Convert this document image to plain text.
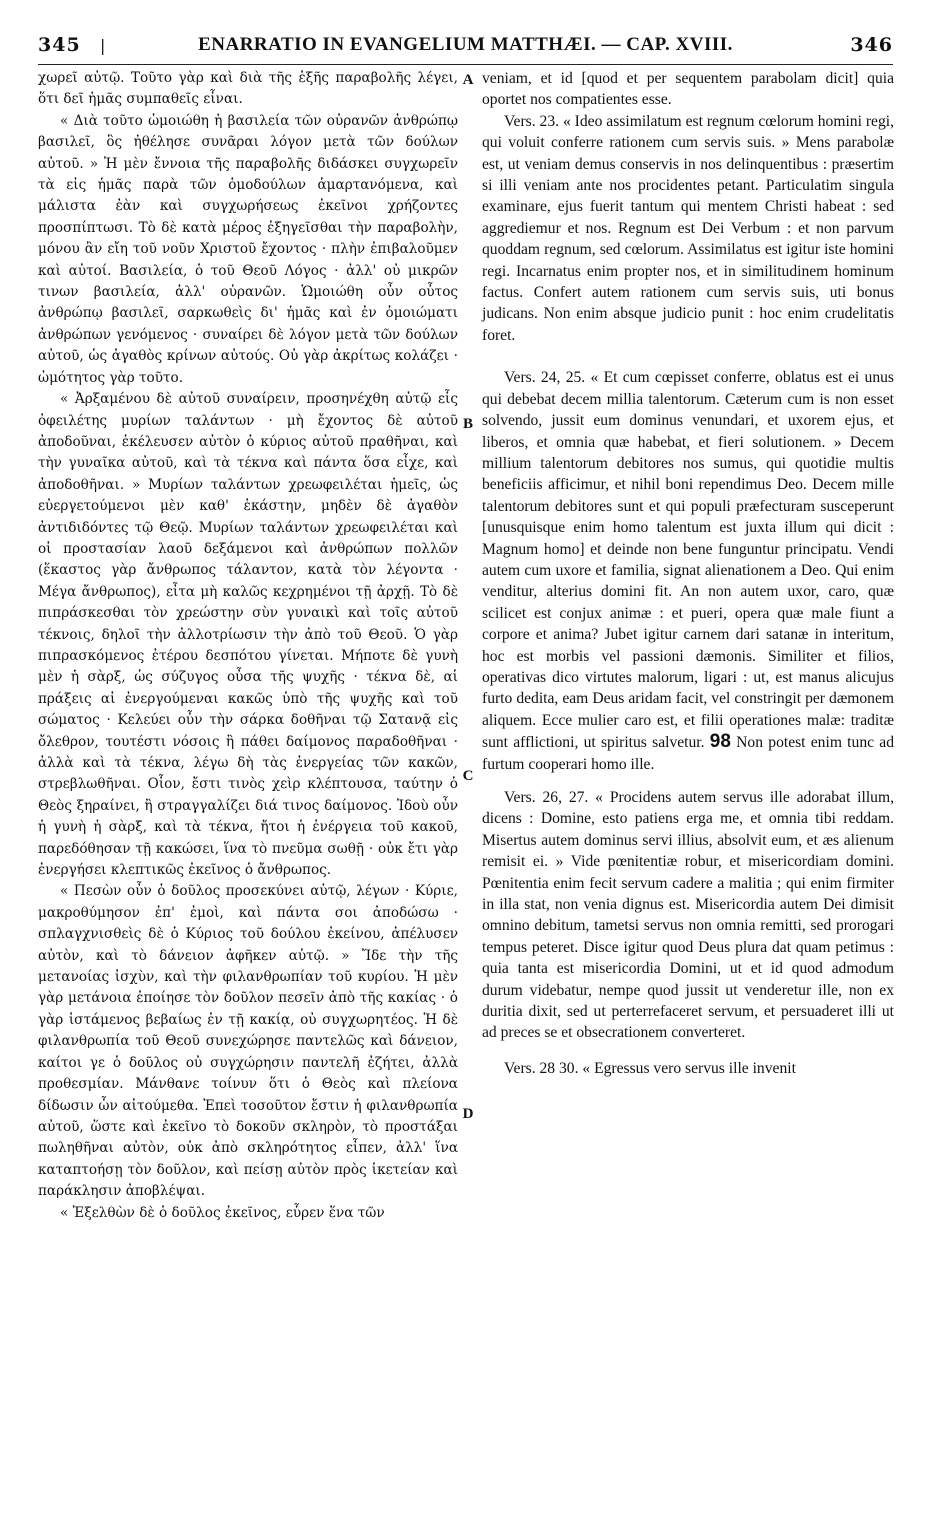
345 |	ENARRATIO IN EVANGELIUM MATTHÆI. — CAP. XVIII.	346
A
B
C
D

χωρεῖ αὐτῷ. Τοῦτο γὰρ καὶ διὰ τῆς ἑξῆς παραβολῆς λέγει, ὅτι δεῖ ἡμᾶς συμπαθεῖς εἶναι.

« Διὰ τοῦτο ὡμοιώθη ἡ βασιλεία τῶν οὐρανῶν ἀνθρώπῳ βασιλεῖ, ὃς ἠθέλησε συνᾶραι λόγον μετὰ τῶν δούλων αὐτοῦ. » Ἡ μὲν ἔννοια τῆς παραβολῆς διδάσκει συγχωρεῖν τὰ εἰς ἡμᾶς παρὰ τῶν ὁμοδούλων ἁμαρτανόμενα, καὶ μάλιστα ἐὰν καὶ συγχωρήσεως ἐκεῖνοι χρήζοντες προσπίπτωσι. Τὸ δὲ κατὰ μέρος ἐξηγεῖσθαι τὴν παραβολὴν, μόνου ἂν εἴη τοῦ νοῦν Χριστοῦ ἔχοντος · πλὴν ἐπιβαλοῦμεν καὶ αὐτοί. Βασιλεία, ὁ τοῦ Θεοῦ Λόγος · ἀλλ' οὐ μικρῶν τινων βασιλεία, ἀλλ' οὐρανῶν. Ὡμοιώθη οὖν οὗτος ἀνθρώπῳ βασιλεῖ, σαρκωθεὶς δι' ἡμᾶς καὶ ἐν ὁμοιώματι ἀνθρώπων γενόμενος · συναίρει δὲ λόγον μετὰ τῶν δούλων αὐτοῦ, ὡς ἀγαθὸς κρίνων αὐτούς. Οὐ γὰρ ἀκρίτως κολάζει · ὠμότητος γὰρ τοῦτο.

« Ἀρξαμένου δὲ αὐτοῦ συναίρειν, προσηνέχθη αὐτῷ εἷς ὀφειλέτης μυρίων ταλάντων · μὴ ἔχοντος δὲ αὐτοῦ ἀποδοῦναι, ἐκέλευσεν αὐτὸν ὁ κύριος αὐτοῦ πραθῆναι, καὶ τὴν γυναῖκα αὐτοῦ, καὶ τὰ τέκνα καὶ πάντα ὅσα εἶχε, καὶ ἀποδοθῆναι. » Μυρίων ταλάντων χρεωφειλέται ἡμεῖς, ὡς εὐεργετούμενοι μὲν καθ' ἑκάστην, μηδὲν δὲ ἀγαθὸν ἀντιδιδόντες τῷ Θεῷ. Μυρίων ταλάντων χρεωφειλέται καὶ οἱ προστασίαν λαοῦ δεξάμενοι καὶ ἀνθρώπων πολλῶν (ἕκαστος γὰρ ἄνθρωπος τάλαντον, κατὰ τὸν λέγοντα · Μέγα ἄνθρωπος), εἶτα μὴ καλῶς κεχρημένοι τῇ ἀρχῇ. Τὸ δὲ πιπράσκεσθαι τὸν χρεώστην σὺν γυναικὶ καὶ τοῖς αὐτοῦ τέκνοις, δηλοῖ τὴν ἀλλοτρίωσιν τὴν ἀπὸ τοῦ Θεοῦ. Ὁ γὰρ πιπρασκόμενος ἑτέρου δεσπότου γίνεται. Μήποτε δὲ γυνὴ μὲν ἡ σὰρξ, ὡς σύζυγος οὖσα τῆς ψυχῆς · τέκνα δὲ, αἱ πράξεις αἱ ἐνεργούμεναι κακῶς ὑπὸ τῆς ψυχῆς καὶ τοῦ σώματος · Κελεύει οὖν τὴν σάρκα δοθῆναι τῷ Σατανᾷ εἰς ὄλεθρον, τουτέστι νόσοις ἢ πάθει δαίμονος παραδοθῆναι · ἀλλὰ καὶ τὰ τέκνα, λέγω δὴ τὰς ἐνεργείας τῶν κακῶν, στρεβλωθῆναι. Οἷον, ἔστι τινὸς χεὶρ κλέπτουσα, ταύτην ὁ Θεὸς ξηραίνει, ἢ στραγγαλίζει διά τινος δαίμονος. Ἰδοὺ οὖν ἡ γυνὴ ἡ σὰρξ, καὶ τὰ τέκνα, ἤτοι ἡ ἐνέργεια τοῦ κακοῦ, παρεδόθησαν τῇ κακώσει, ἵνα τὸ πνεῦμα σωθῇ · οὐκ ἔτι γὰρ ἐνεργήσει κλεπτικῶς ἐκεῖνος ὁ ἄνθρωπος.

« Πεσὼν οὖν ὁ δοῦλος προσεκύνει αὐτῷ, λέγων · Κύριε, μακροθύμησον ἐπ' ἐμοὶ, καὶ πάντα σοι ἀποδώσω · σπλαγχνισθεὶς δὲ ὁ Κύριος τοῦ δούλου ἐκείνου, ἀπέλυσεν αὐτὸν, καὶ τὸ δάνειον ἀφῆκεν αὐτῷ. » Ἴδε τὴν τῆς μετανοίας ἰσχὺν, καὶ τὴν φιλανθρωπίαν τοῦ κυρίου. Ἡ μὲν γὰρ μετάνοια ἐποίησε τὸν δοῦλον πεσεῖν ἀπὸ τῆς κακίας · ὁ γὰρ ἱστάμενος βεβαίως ἐν τῇ κακίᾳ, οὐ συγχωρητέος. Ἡ δὲ φιλανθρωπία τοῦ Θεοῦ συνεχώρησε παντελῶς καὶ δάνειον, καίτοι γε ὁ δοῦλος οὐ συγχώρησιν παντελῆ ἐζήτει, ἀλλὰ προθεσμίαν. Μάνθανε τοίνυν ὅτι ὁ Θεὸς καὶ πλείονα δίδωσιν ὧν αἰτούμεθα. Ἐπεὶ τοσοῦτον ἔστιν ἡ φιλανθρωπία αὐτοῦ, ὥστε καὶ ἐκεῖνο τὸ δοκοῦν σκληρὸν, τὸ προστάξαι πωληθῆναι αὐτὸν, οὐκ ἀπὸ σκληρότητος εἶπεν, ἀλλ' ἵνα καταπτοήσῃ τὸν δοῦλον, καὶ πείσῃ αὐτὸν πρὸς ἱκετείαν καὶ παράκλησιν ἀποβλέψαι.

« Ἐξελθὼν δὲ ὁ δοῦλος ἐκεῖνος, εὗρεν ἕνα τῶν

veniam, et id [quod et per sequentem parabolam dicit] quia oportet nos compatientes esse.

Vers. 23. « Ideo assimilatum est regnum cœlorum homini regi, qui voluit conferre rationem cum servis suis. » Mens parabolæ est, ut veniam demus conservis in nos delinquentibus : præsertim si illi veniam ante nos procidentes petant. Particulatim singula examinare, ejus fuerit tantum qui mentem Christi habeat : sed aggrediemur et nos. Regnum est Dei Verbum : et non parvum quoddam regnum, sed cœlorum. Assimilatus est igitur iste homini regi. Incarnatus enim propter nos, et in similitudinem hominum factus. Confert autem rationem cum servis suis, uti bonus judicans. Non enim absque judicio punit : hoc enim crudelitatis foret.

Vers. 24, 25. « Et cum cœpisset conferre, oblatus est ei unus qui debebat decem millia talentorum. Cæterum cum is non esset solvendo, jussit eum dominus venundari, et uxorem ejus, et liberos, et omnia quæ habebat, et fieri solutionem. » Decem millium talentorum debitores nos sumus, qui quotidie multis beneficiis afficimur, et nihil boni rependimus Deo. Decem mille talentorum debitores sunt et qui populi præfecturam susceperunt [unusquisque enim homo talentum est juxta illum qui dicit : Magnum homo] et deinde non bene funguntur principatu. Vendi autem cum uxore et familia, signat alienationem a Deo. Qui enim venditur, alterius domini fit. An non autem uxor, caro, quæ scilicet est conjux animæ : et pueri, opera quæ male fiunt a corpore et anima? Jubet igitur carnem dari satanæ in interitum, hoc est morbis vel passioni dæmonis. Similiter et filios, operativas dico virtutes malorum, ligari : ut, est manus alicujus furto dedita, eam Deus aridam facit, vel constringit per dæmonem aliquem. Ecce mulier caro est, et filii operationes malæ: traditæ sunt afflictioni, ut spiritus salvetur. 98 Non potest enim tunc ad furtum cooperari homo ille.

Vers. 26, 27. « Procidens autem servus ille adorabat illum, dicens : Domine, esto patiens erga me, et omnia tibi reddam. Misertus autem dominus servi illius, absolvit eum, et æs alienum remisit ei. » Vide pœnitentiæ robur, et misericordiam domini. Pœnitentia enim fecit servum cadere a malitia ; qui enim firmiter in illa stat, non venia dignus est. Misericordia autem Dei dimisit omnino debitum, tametsi servus non omnia remitti, sed prorogari tempus peteret. Disce igitur quod Deus plura dat quam petimus : quia tanta est misericordia Domini, ut et id quod admodum durum videbatur, nempe quod jussit ut venderetur ille, non ex duritia dixit, sed ut perterrefaceret servum, et persuaderet illi ut ad preces se et obsecrationem converteret.

Vers. 28 30. « Egressus vero servus ille invenit
